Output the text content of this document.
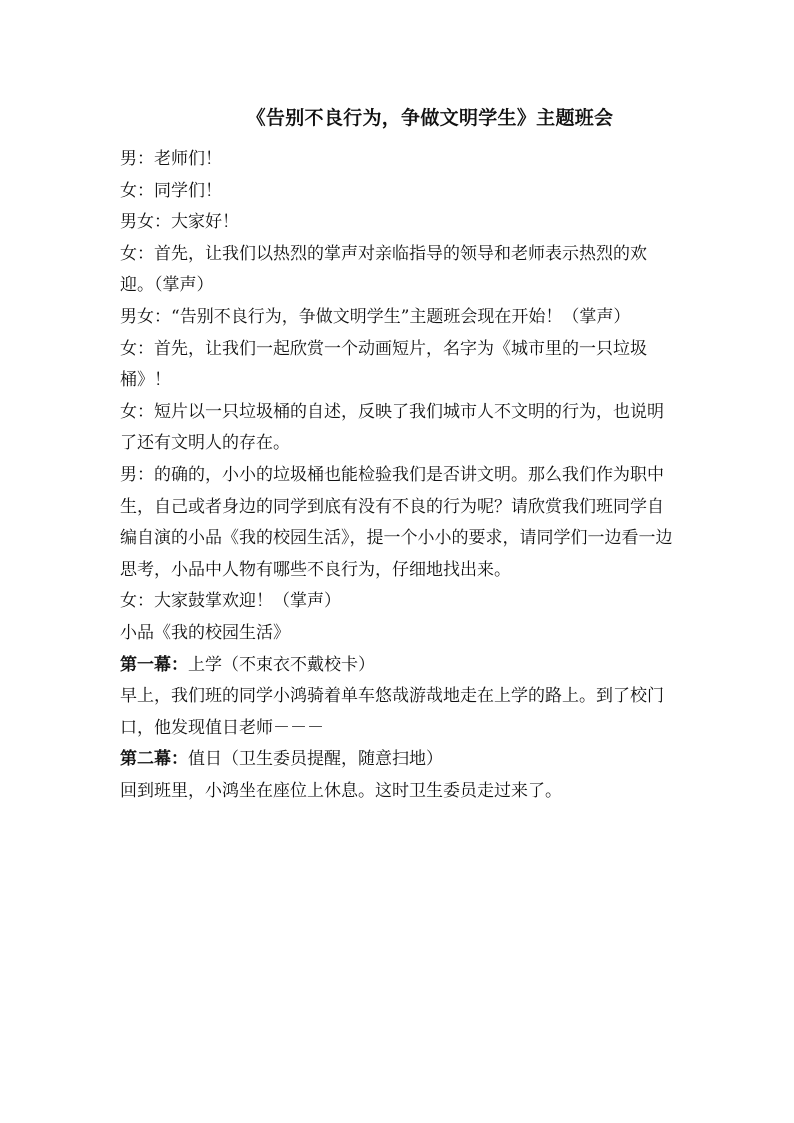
《告别不良行为，争做文明学生》主题班会

男：老师们！

女：同学们！

男女：大家好！

女：首先，让我们以热烈的掌声对亲临指导的领导和老师表示热烈的欢迎。（掌声）

男女：“告别不良行为，争做文明学生”主题班会现在开始！（掌声）

女：首先，让我们一起欣赏一个动画短片，名字为《城市里的一只垃圾桶》！

女：短片以一只垃圾桶的自述，反映了我们城市人不文明的行为，也说明了还有文明人的存在。

男：的确的，小小的垃圾桶也能检验我们是否讲文明。那么我们作为职中生，自己或者身边的同学到底有没有不良的行为呢？请欣赏我们班同学自编自演的小品《我的校园生活》，提一个小小的要求，请同学们一边看一边思考，小品中人物有哪些不良行为，仔细地找出来。

女：大家鼓掌欢迎！（掌声）

小品《我的校园生活》

第一幕：上学（不束衣不戴校卡）

早上，我们班的同学小鸿骑着单车悠哉游哉地走在上学的路上。到了校门口，他发现值日老师－－－

第二幕：值日（卫生委员提醒，随意扫地）

回到班里，小鸿坐在座位上休息。这时卫生委员走过来了。
